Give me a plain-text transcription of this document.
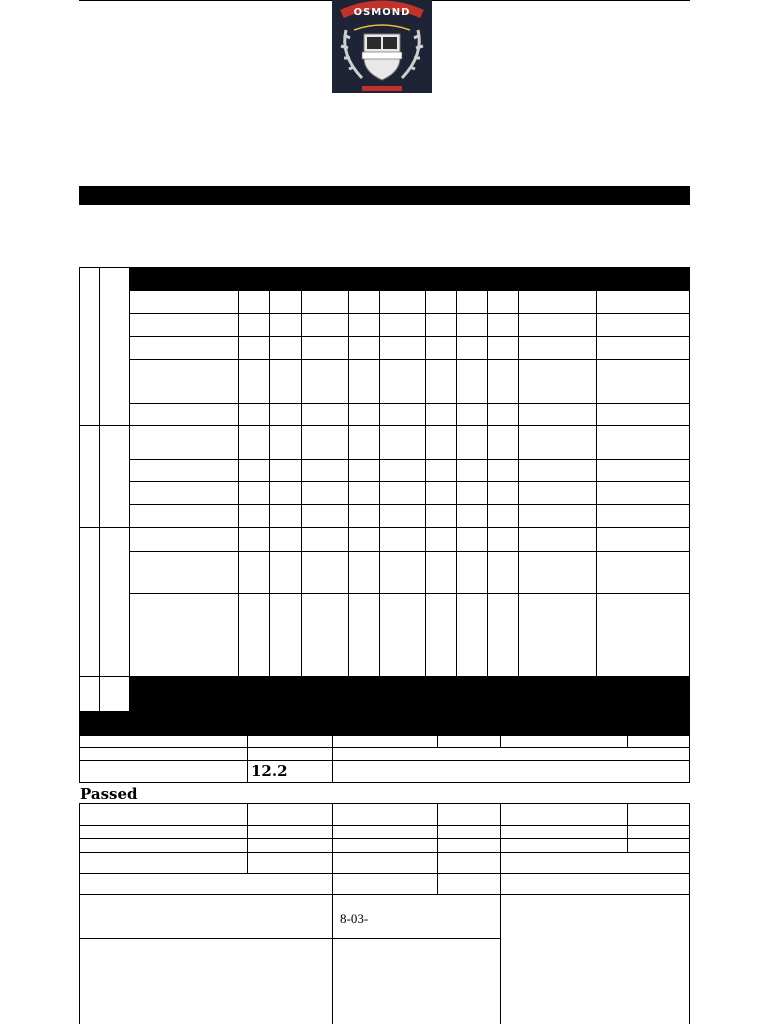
OSMOND
12.2
Passed
8-03-
